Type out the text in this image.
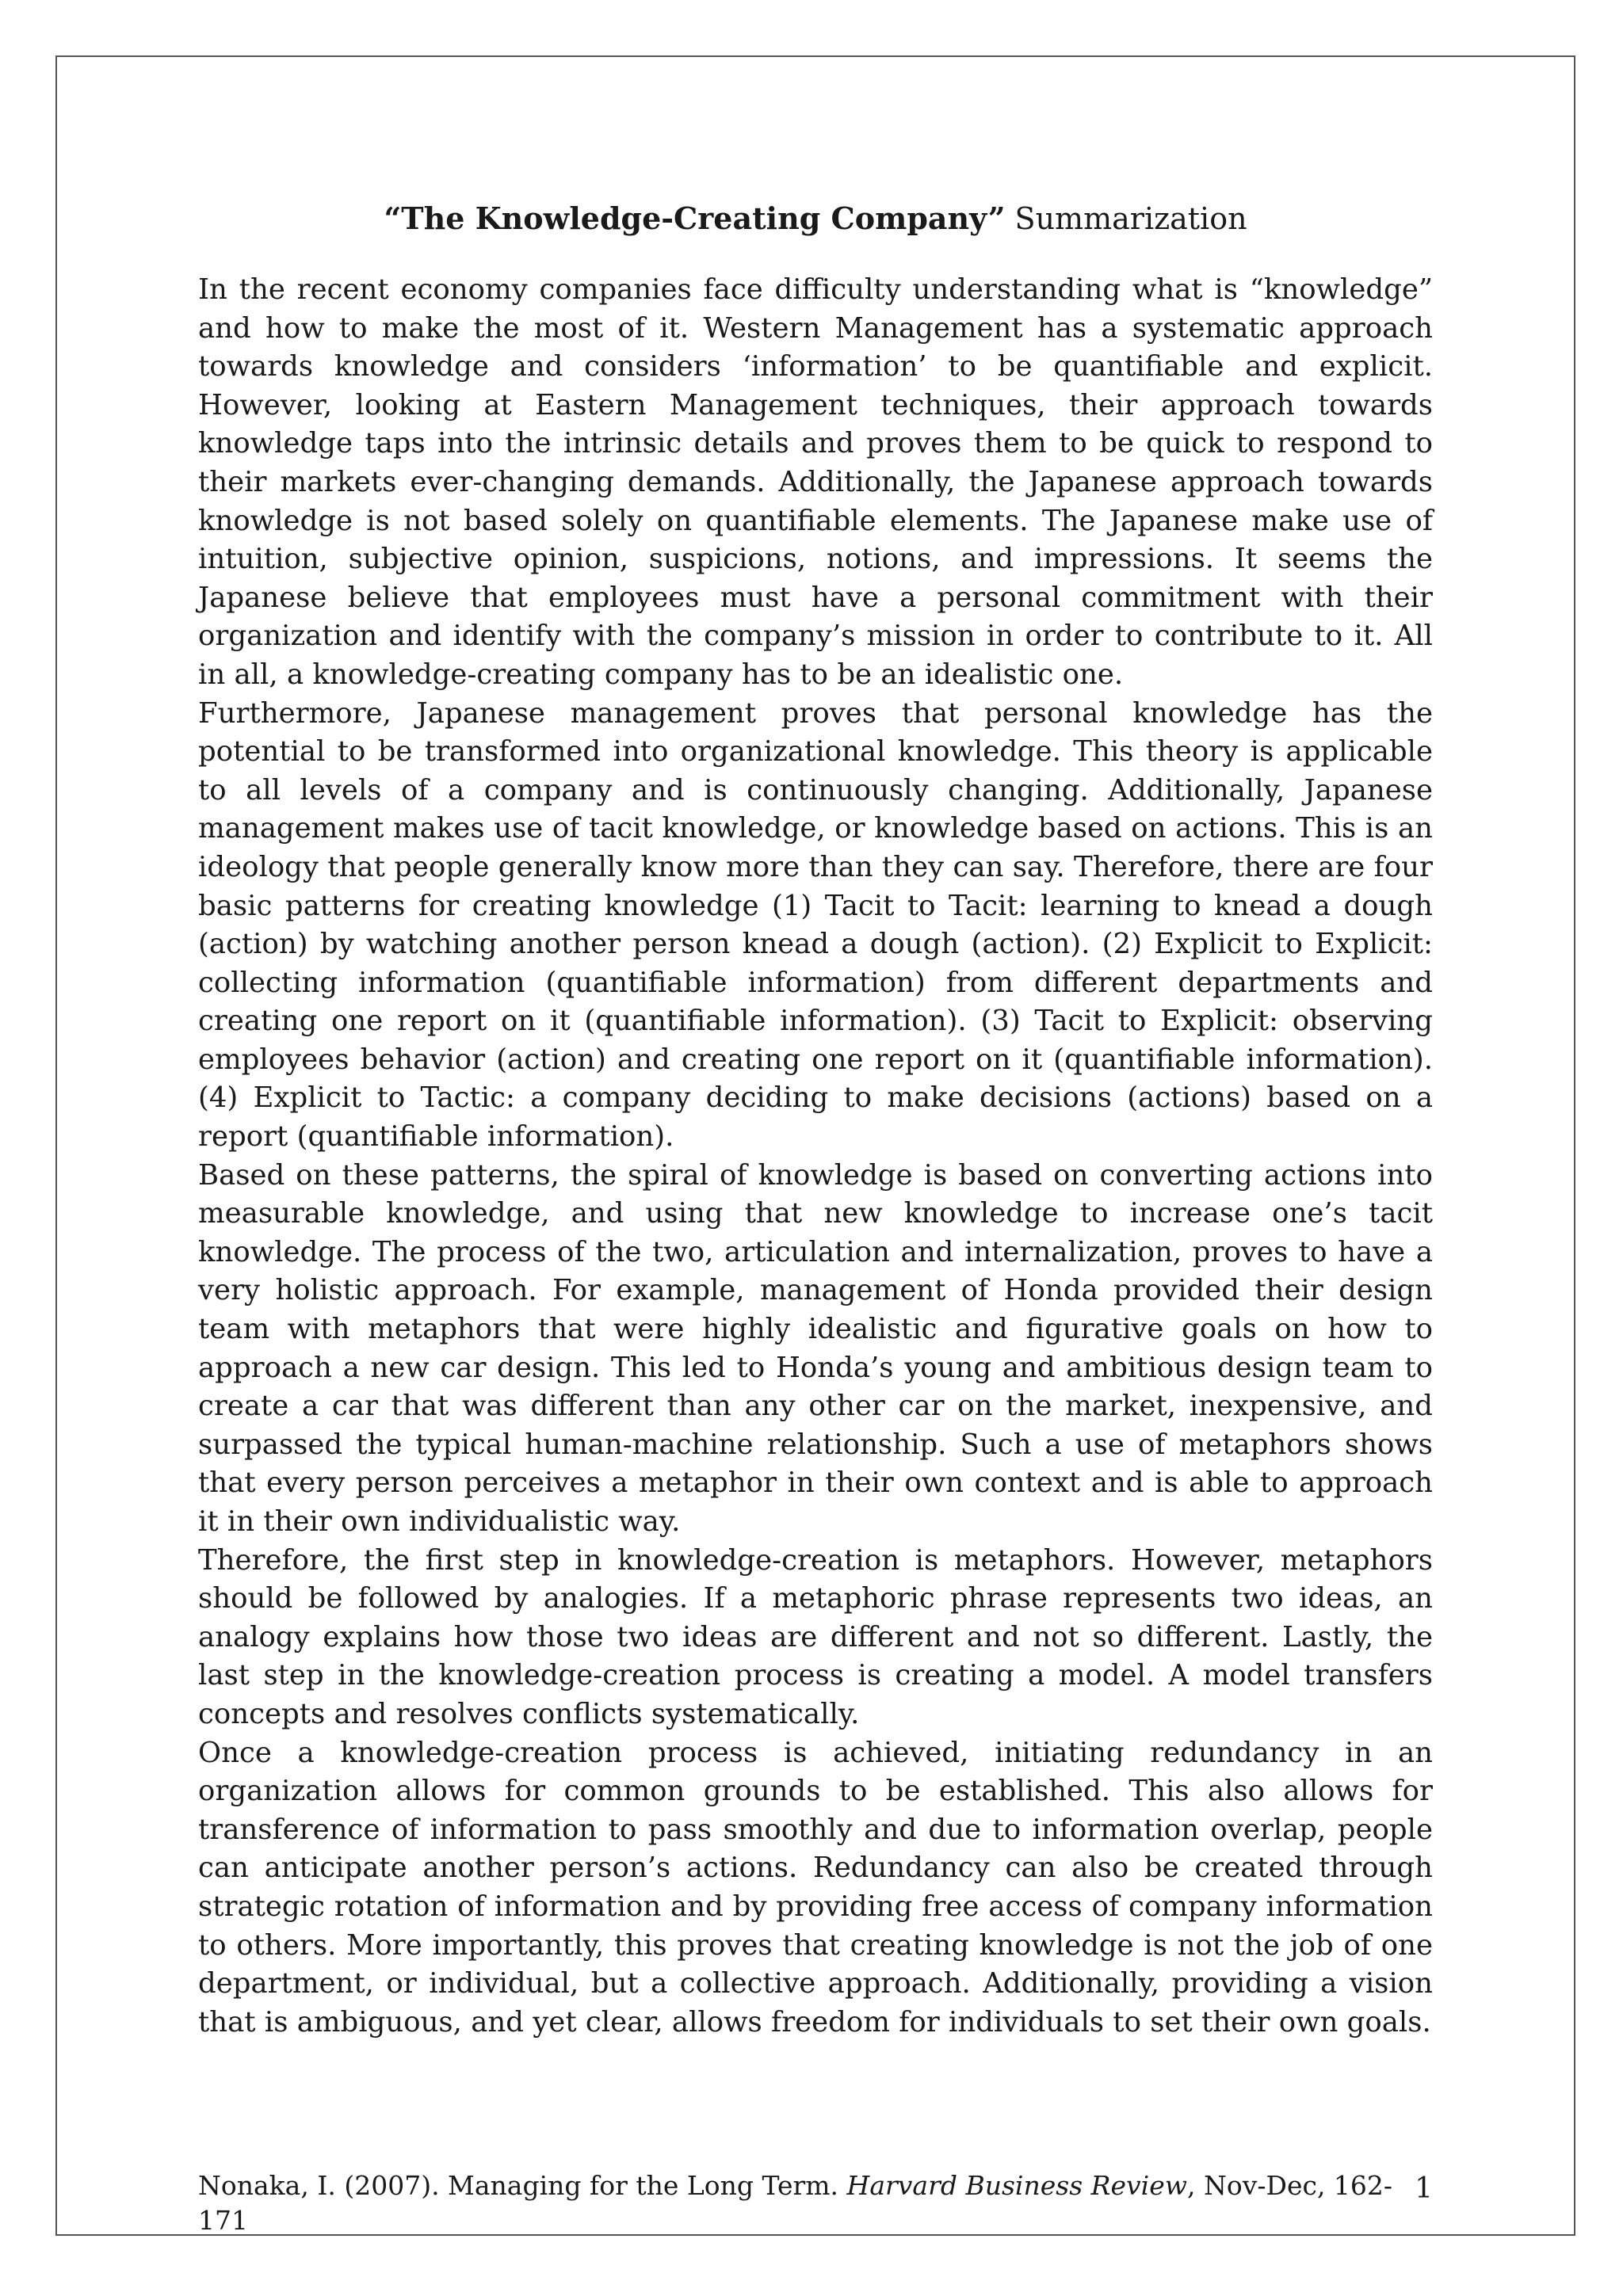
“The Knowledge-Creating Company” Summarization

In the recent economy companies face difficulty understanding what is “knowledge” and how to make the most of it. Western Management has a systematic approach towards knowledge and considers ‘information’ to be quantifiable and explicit. However, looking at Eastern Management techniques, their approach towards knowledge taps into the intrinsic details and proves them to be quick to respond to their markets ever-changing demands. Additionally, the Japanese approach towards knowledge is not based solely on quantifiable elements. The Japanese make use of intuition, subjective opinion, suspicions, notions, and impressions. It seems the Japanese believe that employees must have a personal commitment with their organization and identify with the company’s mission in order to contribute to it. All in all, a knowledge-creating company has to be an idealistic one.

Furthermore, Japanese management proves that personal knowledge has the potential to be transformed into organizational knowledge. This theory is applicable to all levels of a company and is continuously changing. Additionally, Japanese management makes use of tacit knowledge, or knowledge based on actions. This is an ideology that people generally know more than they can say. Therefore, there are four basic patterns for creating knowledge (1) Tacit to Tacit: learning to knead a dough (action) by watching another person knead a dough (action). (2) Explicit to Explicit: collecting information (quantifiable information) from different departments and creating one report on it (quantifiable information). (3) Tacit to Explicit: observing employees behavior (action) and creating one report on it (quantifiable information). (4) Explicit to Tactic: a company deciding to make decisions (actions) based on a report (quantifiable information).

Based on these patterns, the spiral of knowledge is based on converting actions into measurable knowledge, and using that new knowledge to increase one’s tacit knowledge. The process of the two, articulation and internalization, proves to have a very holistic approach. For example, management of Honda provided their design team with metaphors that were highly idealistic and figurative goals on how to approach a new car design. This led to Honda’s young and ambitious design team to create a car that was different than any other car on the market, inexpensive, and surpassed the typical human-machine relationship. Such a use of metaphors shows that every person perceives a metaphor in their own context and is able to approach it in their own individualistic way.

Therefore, the first step in knowledge-creation is metaphors. However, metaphors should be followed by analogies. If a metaphoric phrase represents two ideas, an analogy explains how those two ideas are different and not so different. Lastly, the last step in the knowledge-creation process is creating a model. A model transfers concepts and resolves conflicts systematically.

Once a knowledge-creation process is achieved, initiating redundancy in an organization allows for common grounds to be established. This also allows for transference of information to pass smoothly and due to information overlap, people can anticipate another person’s actions. Redundancy can also be created through strategic rotation of information and by providing free access of company information to others. More importantly, this proves that creating knowledge is not the job of one department, or individual, but a collective approach. Additionally, providing a vision that is ambiguous, and yet clear, allows freedom for individuals to set their own goals.

Nonaka, I. (2007). Managing for the Long Term. Harvard Business Review, Nov-Dec, 162- 171
1
